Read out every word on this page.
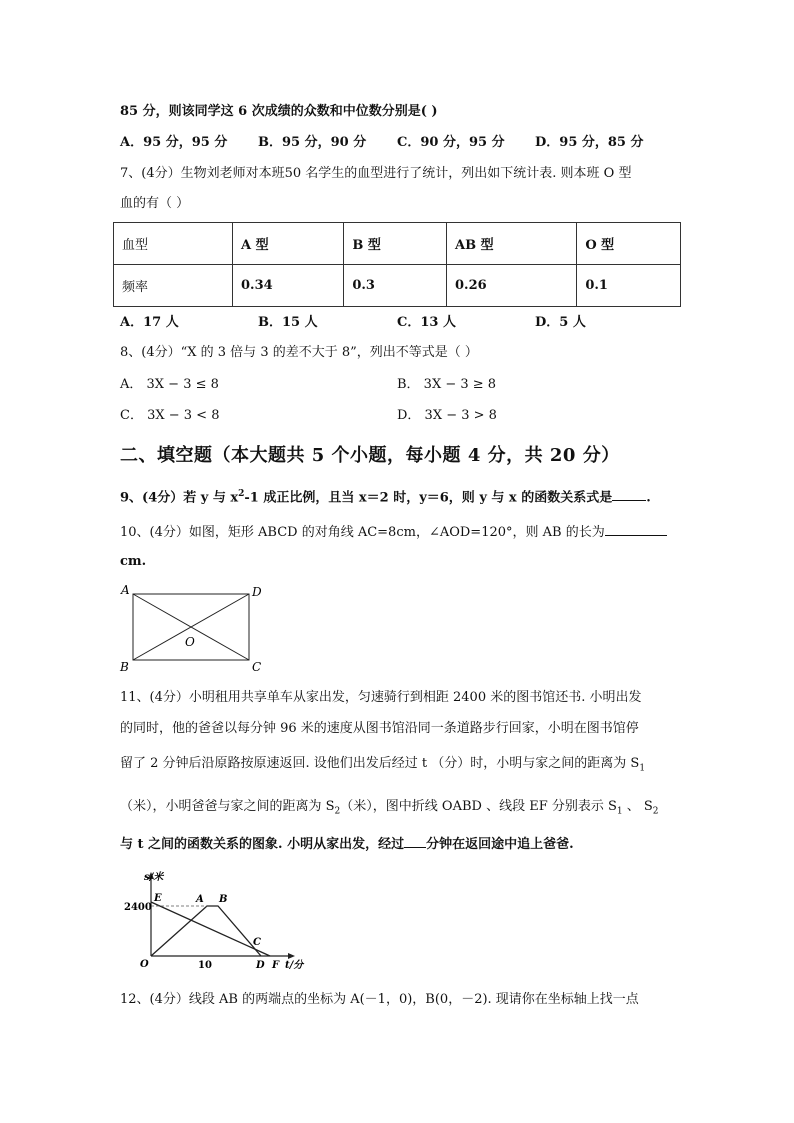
85 分，则该同学这 6 次成绩的众数和中位数分别是( )
A．95 分，95 分 B．95 分，90 分 C．90 分，95 分 D．95 分，85 分
7、(4分）生物刘老师对本班50 名学生的血型进行了统计，列出如下统计表. 则本班 O 型
血的有（ ）
血型	A 型	B 型	AB 型	O 型
频率	0.34	0.3	0.26	0.1
A．17 人	B．15 人	C．13 人	D．5 人
8、(4分）“X 的 3 倍与 3 的差不大于 8”，列出不等式是（ ）
A． 3X − 3 ≤ 8	B． 3X − 3 ≥ 8
C． 3X − 3 < 8	D． 3X − 3 > 8
二、填空题（本大题共 5 个小题，每小题 4 分，共 20 分）
9、(4分）若 y 与 $x^2-1$ 成正比例，且当 x＝2 时，y＝6，则 y 与 x 的函数关系式是	.
10、(4分）如图，矩形 ABCD 的对角线 AC=8cm，∠AOD=120°，则 AB 的长为
cm.
A	D
B	C
O
11、(4分）小明租用共享单车从家出发，匀速骑行到相距 2400 米的图书馆还书. 小明出发
的同时，他的爸爸以每分钟 96 米的速度从图书馆沿同一条道路步行回家，小明在图书馆停
留了 2 分钟后沿原路按原速返回. 设他们出发后经过 t （分）时，小明与家之间的距离为 $S_1$
（米），小明爸爸与家之间的距离为 $S_2$（米），图中折线 OABD 、线段 EF 分别表示 $S_1$ 、 $S_2$
与 t 之间的函数关系的图象. 小明从家出发，经过 分钟在返回途中追上爸爸.
s/米
2400
E	A B
C
O	10	D F t/分
12、(4分）线段 AB 的两端点的坐标为 A(－1，0)，B(0，－2). 现请你在坐标轴上找一点
